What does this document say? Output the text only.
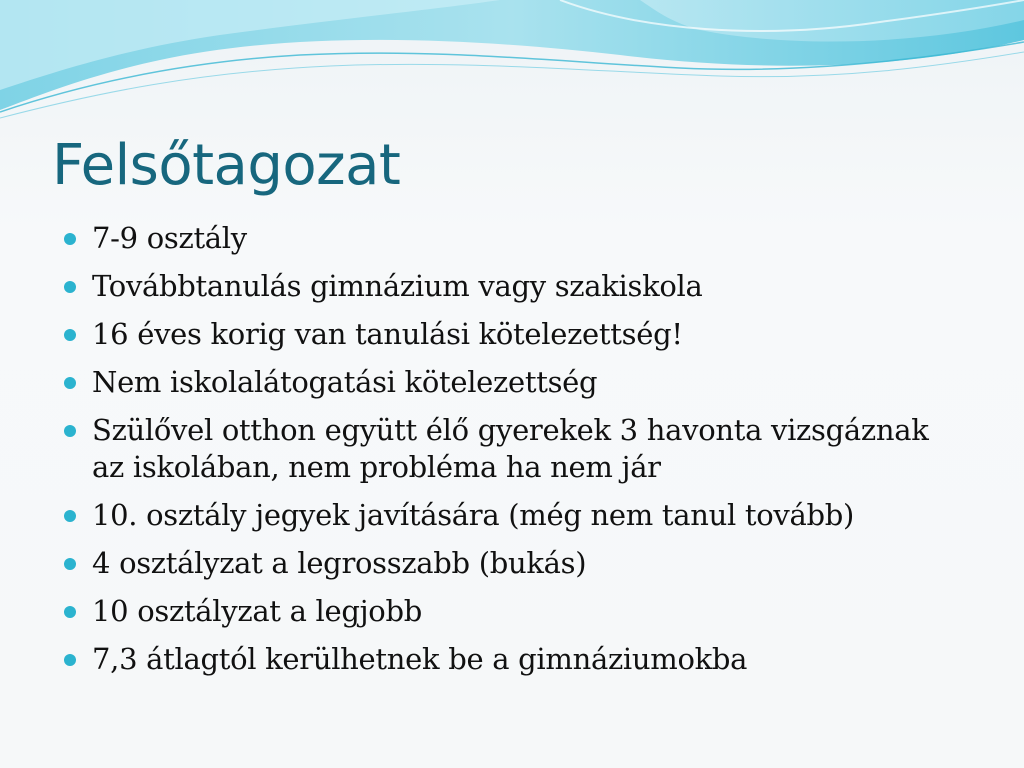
Felsőtagozat
7-9 osztály
Továbbtanulás gimnázium vagy szakiskola
16 éves korig van tanulási kötelezettség!
Nem iskolalátogatási kötelezettség
Szülővel otthon együtt élő gyerekek 3 havonta vizsgáznak az iskolában, nem probléma ha nem jár
10. osztály jegyek javítására (még nem tanul tovább)
4 osztályzat a legrosszabb (bukás)
10 osztályzat a legjobb
7,3 átlagtól kerülhetnek be a gimnáziumokba
